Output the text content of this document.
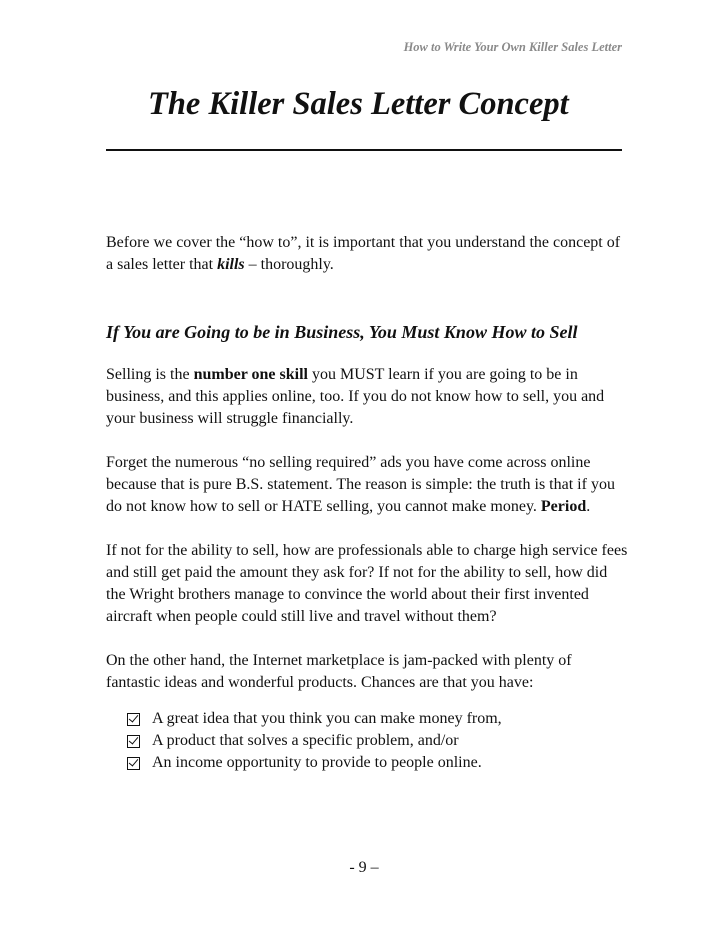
How to Write Your Own Killer Sales Letter
The Killer Sales Letter Concept

Before we cover the “how to”, it is important that you understand the concept of a sales letter that kills – thoroughly.

If You are Going to be in Business, You Must Know How to Sell

Selling is the number one skill you MUST learn if you are going to be in business, and this applies online, too. If you do not know how to sell, you and your business will struggle financially.

Forget the numerous “no selling required” ads you have come across online because that is pure B.S. statement. The reason is simple: the truth is that if you do not know how to sell or HATE selling, you cannot make money. Period.

If not for the ability to sell, how are professionals able to charge high service fees and still get paid the amount they ask for? If not for the ability to sell, how did the Wright brothers manage to convince the world about their first invented aircraft when people could still live and travel without them?

On the other hand, the Internet marketplace is jam-packed with plenty of fantastic ideas and wonderful products. Chances are that you have:

A great idea that you think you can make money from,
A product that solves a specific problem, and/or
An income opportunity to provide to people online.
- 9 –
